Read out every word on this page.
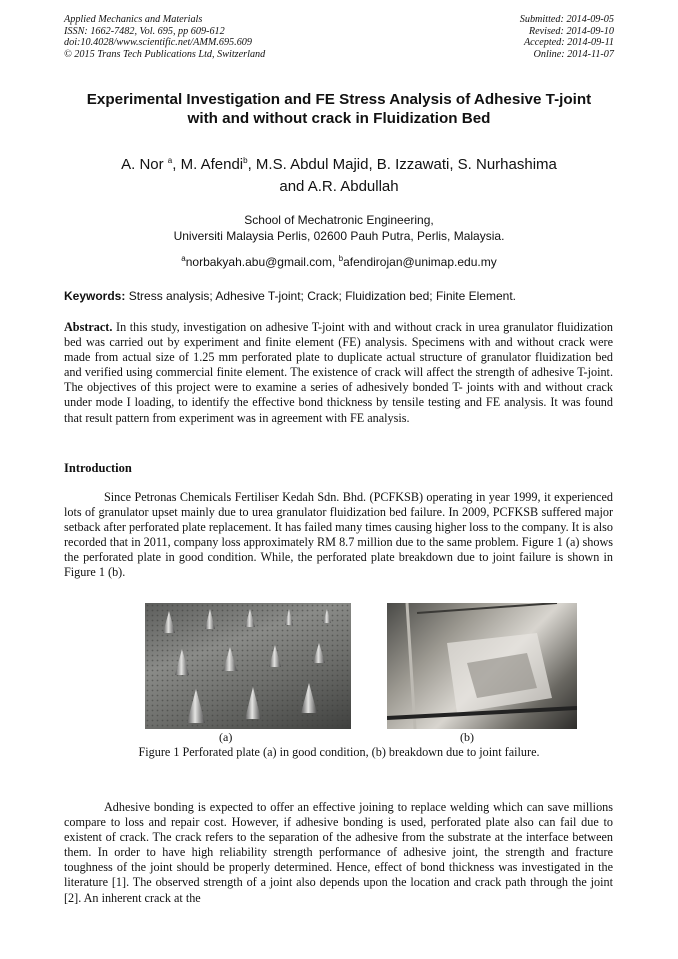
Applied Mechanics and Materials
ISSN: 1662-7482, Vol. 695, pp 609-612
doi:10.4028/www.scientific.net/AMM.695.609
© 2015 Trans Tech Publications Ltd, Switzerland
Submitted: 2014-09-05
Revised: 2014-09-10
Accepted: 2014-09-11
Online: 2014-11-07
Experimental Investigation and FE Stress Analysis of Adhesive T-joint
with and without crack in Fluidization Bed
A. Nor $^a$, M. Afendi$^b$, M.S. Abdul Majid, B. Izzawati, S. Nurhashima
and A.R. Abdullah
School of Mechatronic Engineering,
Universiti Malaysia Perlis, 02600 Pauh Putra, Perlis, Malaysia.
$^a$norbakyah.abu@gmail.com, $^b$afendirojan@unimap.edu.my
Keywords: Stress analysis; Adhesive T-joint; Crack; Fluidization bed; Finite Element.
Abstract. In this study, investigation on adhesive T-joint with and without crack in urea granulator fluidization bed was carried out by experiment and finite element (FE) analysis. Specimens with and without crack were made from actual size of 1.25 mm perforated plate to duplicate actual structure of granulator fluidization bed and verified using commercial finite element. The existence of crack will affect the strength of adhesive T-joint. The objectives of this project were to examine a series of adhesively bonded T- joints with and without crack under mode I loading, to identify the effective bond thickness by tensile testing and FE analysis. It was found that result pattern from experiment was in agreement with FE analysis.
Introduction
Since Petronas Chemicals Fertiliser Kedah Sdn. Bhd. (PCFKSB) operating in year 1999, it experienced lots of granulator upset mainly due to urea granulator fluidization bed failure. In 2009, PCFKSB suffered major setback after perforated plate replacement. It has failed many times causing higher loss to the company. It is also recorded that in 2011, company loss approximately RM 8.7 million due to the same problem. Figure 1 (a) shows the perforated plate in good condition. While, the perforated plate breakdown due to joint failure is shown in Figure 1 (b).
(a)	(b)
Figure 1 Perforated plate (a) in good condition, (b) breakdown due to joint failure.
Adhesive bonding is expected to offer an effective joining to replace welding which can save millions compare to loss and repair cost. However, if adhesive bonding is used, perforated plate also can fail due to existent of crack. The crack refers to the separation of the adhesive from the substrate at the interface between them. In order to have high reliability strength performance of adhesive joint, the strength and fracture toughness of the joint should be properly determined. Hence, effect of bond thickness was investigated in the literature [1]. The observed strength of a joint also depends upon the location and crack path through the joint [2]. An inherent crack at the
